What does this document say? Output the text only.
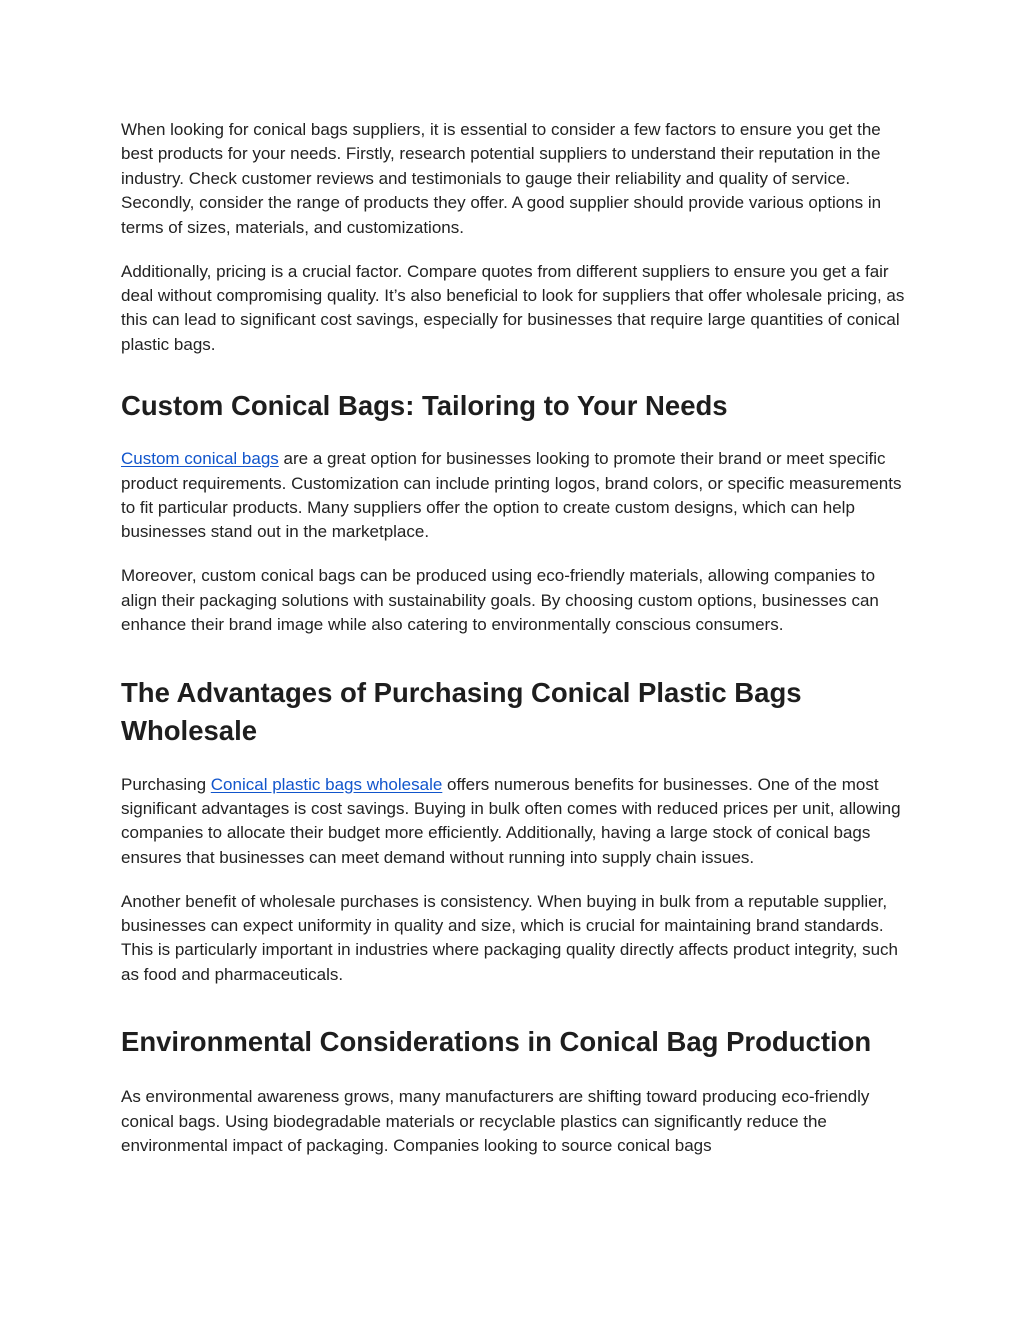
When looking for conical bags suppliers, it is essential to consider a few factors to ensure you get the best products for your needs. Firstly, research potential suppliers to understand their reputation in the industry. Check customer reviews and testimonials to gauge their reliability and quality of service. Secondly, consider the range of products they offer. A good supplier should provide various options in terms of sizes, materials, and customizations.

Additionally, pricing is a crucial factor. Compare quotes from different suppliers to ensure you get a fair deal without compromising quality. It’s also beneficial to look for suppliers that offer wholesale pricing, as this can lead to significant cost savings, especially for businesses that require large quantities of conical plastic bags.

Custom Conical Bags: Tailoring to Your Needs

Custom conical bags are a great option for businesses looking to promote their brand or meet specific product requirements. Customization can include printing logos, brand colors, or specific measurements to fit particular products. Many suppliers offer the option to create custom designs, which can help businesses stand out in the marketplace.

Moreover, custom conical bags can be produced using eco-friendly materials, allowing companies to align their packaging solutions with sustainability goals. By choosing custom options, businesses can enhance their brand image while also catering to environmentally conscious consumers.

The Advantages of Purchasing Conical Plastic Bags Wholesale

Purchasing Conical plastic bags wholesale offers numerous benefits for businesses. One of the most significant advantages is cost savings. Buying in bulk often comes with reduced prices per unit, allowing companies to allocate their budget more efficiently. Additionally, having a large stock of conical bags ensures that businesses can meet demand without running into supply chain issues.

Another benefit of wholesale purchases is consistency. When buying in bulk from a reputable supplier, businesses can expect uniformity in quality and size, which is crucial for maintaining brand standards. This is particularly important in industries where packaging quality directly affects product integrity, such as food and pharmaceuticals.

Environmental Considerations in Conical Bag Production

As environmental awareness grows, many manufacturers are shifting toward producing eco-friendly conical bags. Using biodegradable materials or recyclable plastics can significantly reduce the environmental impact of packaging. Companies looking to source conical bags
